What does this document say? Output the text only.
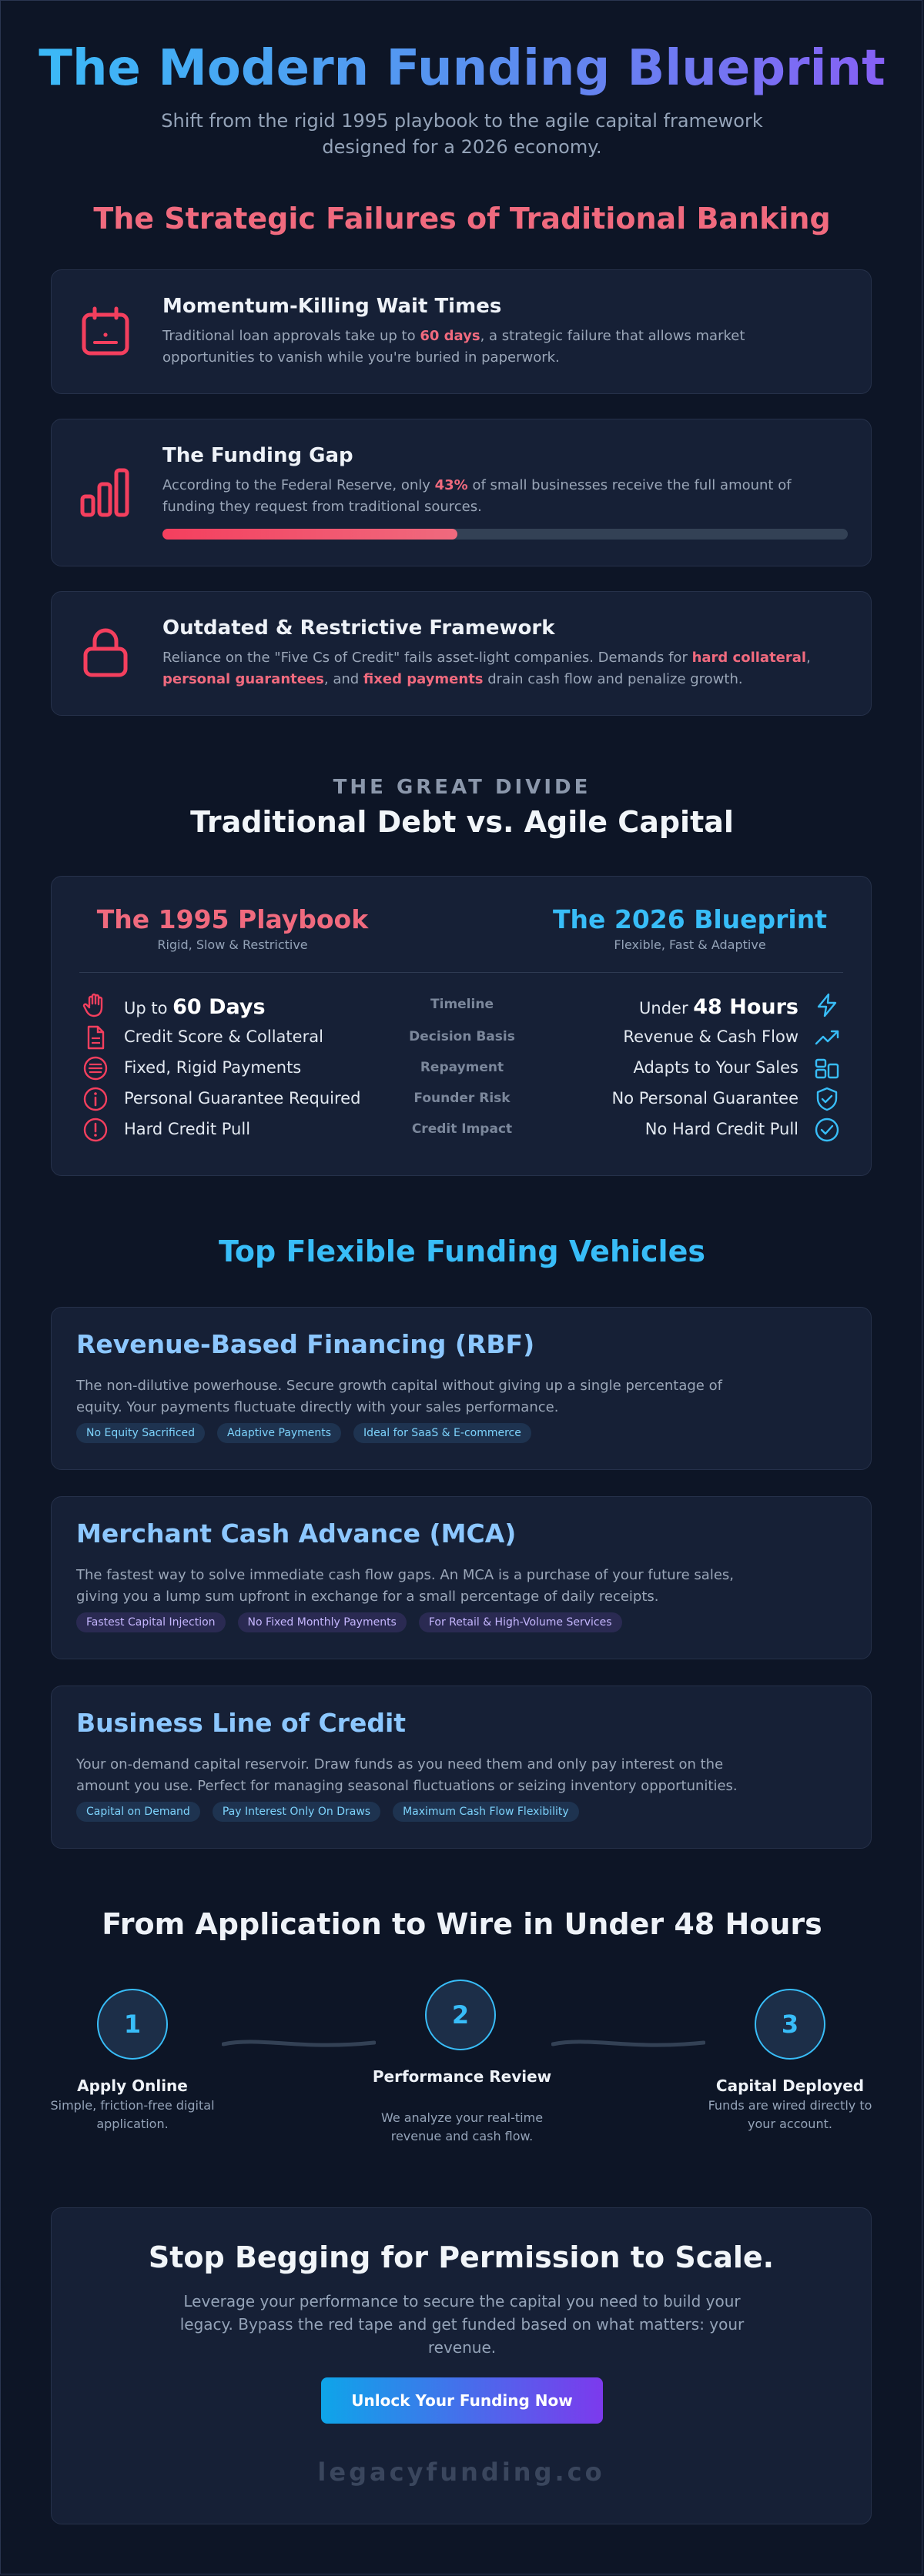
The Modern Funding Blueprint
Shift from the rigid 1995 playbook to the agile capital framework designed for a 2026 economy.
The Strategic Failures of Traditional Banking
Momentum-Killing Wait Times
Traditional loan approvals take up to 60 days, a strategic failure that allows market opportunities to vanish while you're buried in paperwork.
The Funding Gap
According to the Federal Reserve, only 43% of small businesses receive the full amount of funding they request from traditional sources.
Outdated & Restrictive Framework
Reliance on the "Five Cs of Credit" fails asset-light companies. Demands for hard collateral, personal guarantees, and fixed payments drain cash flow and penalize growth.
THE GREAT DIVIDE
Traditional Debt vs. Agile Capital
The 1995 Playbook
Rigid, Slow & Restrictive
The 2026 Blueprint
Flexible, Fast & Adaptive
Up to 60 Days	Timeline	Under 48 Hours
Credit Score & Collateral	Decision Basis	Revenue & Cash Flow
Fixed, Rigid Payments	Repayment	Adapts to Your Sales
Personal Guarantee Required	Founder Risk	No Personal Guarantee
Hard Credit Pull	Credit Impact	No Hard Credit Pull
Top Flexible Funding Vehicles
Revenue-Based Financing (RBF)
The non-dilutive powerhouse. Secure growth capital without giving up a single percentage of equity. Your payments fluctuate directly with your sales performance.
No Equity Sacrificed	Adaptive Payments	Ideal for SaaS & E-commerce
Merchant Cash Advance (MCA)
The fastest way to solve immediate cash flow gaps. An MCA is a purchase of your future sales, giving you a lump sum upfront in exchange for a small percentage of daily receipts.
Fastest Capital Injection	No Fixed Monthly Payments	For Retail & High-Volume Services
Business Line of Credit
Your on-demand capital reservoir. Draw funds as you need them and only pay interest on the amount you use. Perfect for managing seasonal fluctuations or seizing inventory opportunities.
Capital on Demand	Pay Interest Only On Draws	Maximum Cash Flow Flexibility
From Application to Wire in Under 48 Hours
1
Apply Online
Simple, friction-free digital application.
2
Performance Review
We analyze your real-time revenue and cash flow.
3
Capital Deployed
Funds are wired directly to your account.
Stop Begging for Permission to Scale.
Leverage your performance to secure the capital you need to build your legacy. Bypass the red tape and get funded based on what matters: your revenue.
Unlock Your Funding Now
legacyfunding.co
